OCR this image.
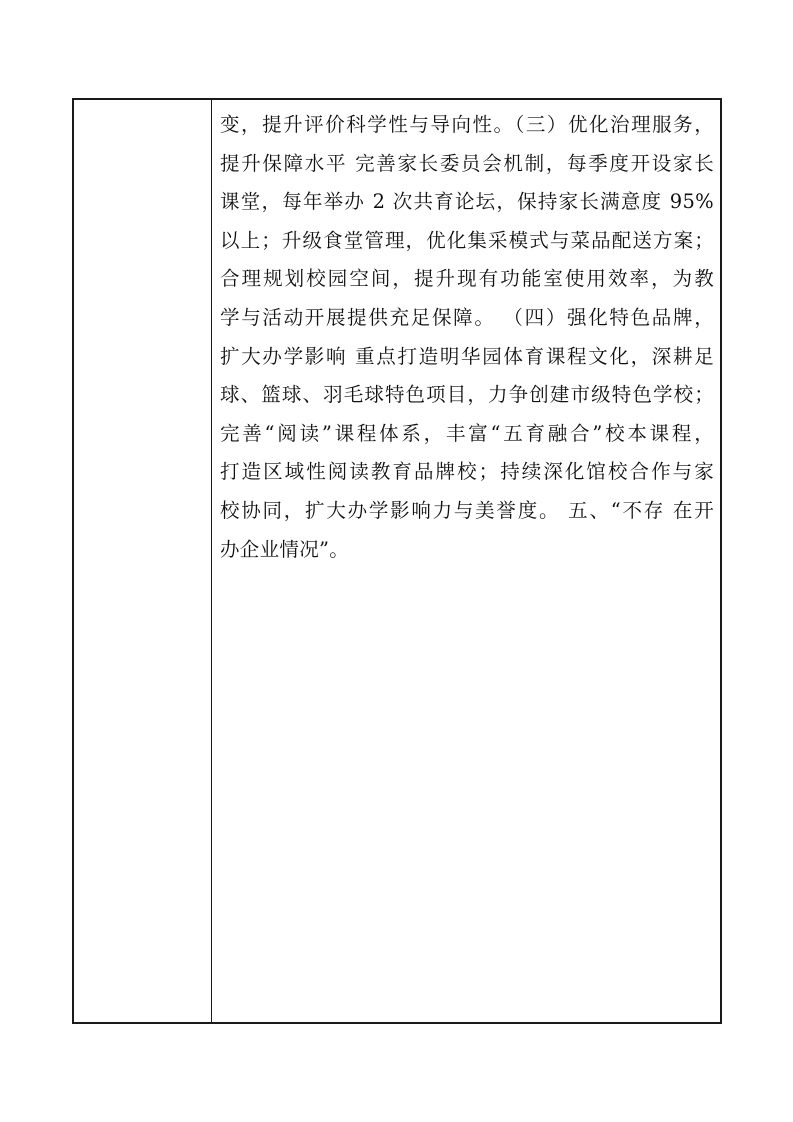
变，提升评价科学性与导向性。（三）优化治理服务，
提升保障水平 完善家长委员会机制，每季度开设家长
课堂，每年举办 2 次共育论坛，保持家长满意度 95%
以上；升级食堂管理，优化集采模式与菜品配送方案；
合理规划校园空间，提升现有功能室使用效率，为教
学与活动开展提供充足保障。 （四）强化特色品牌，
扩大办学影响 重点打造明华园体育课程文化，深耕足
球、篮球、羽毛球特色项目，力争创建市级特色学校；
完善“阅读”课程体系，丰富“五育融合”校本课程，
打造区域性阅读教育品牌校；持续深化馆校合作与家
校协同，扩大办学影响力与美誉度。 五、“不存 在开
办企业情况”。
